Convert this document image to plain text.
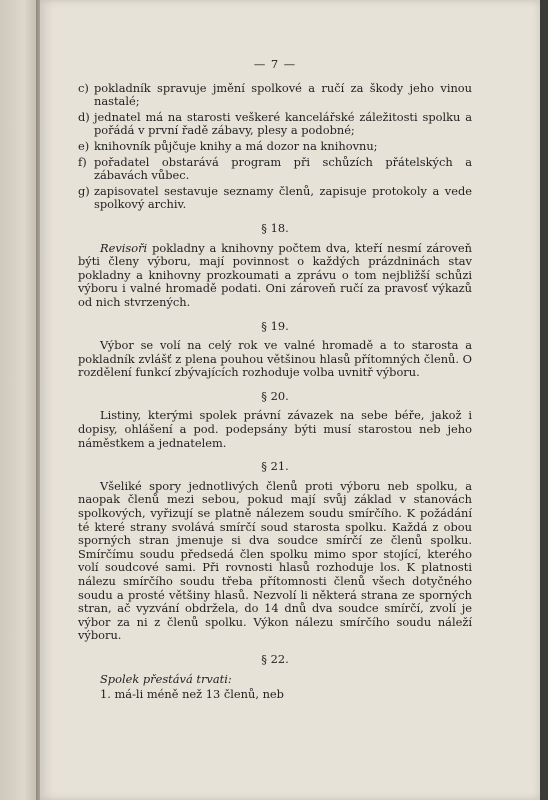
— 7 —
c) pokladník spravuje jmění spolkové a ručí za škody jeho vinou nastalé;
d) jednatel má na starosti veškeré kancelářské záležitosti spolku a pořádá v první řadě zábavy, plesy a podobné;
e) knihovník půjčuje knihy a má dozor na knihovnu;
f) pořadatel obstarává program při schůzích přátelských a zábavách vůbec.
g) zapisovatel sestavuje seznamy členů, zapisuje protokoly a vede spolkový archiv.
§ 18.

Revisoři pokladny a knihovny počtem dva, kteří nesmí zároveň býti členy výboru, mají povinnost o každých prázdninách stav pokladny a knihovny prozkoumati a zprávu o tom nejbližší schůzi výboru i valné hromadě podati. Oni zároveň ručí za pravosť výkazů od nich stvrzených.

§ 19.

Výbor se volí na celý rok ve valné hromadě a to starosta a pokladník zvlášť z plena pouhou většinou hlasů přítomných členů. O rozdělení funkcí zbývajících rozhoduje volba uvnitř výboru.

§ 20.

Listiny, kterými spolek právní závazek na sebe béře, jakož i dopisy, ohlášení a pod. podepsány býti musí starostou neb jeho náměstkem a jednatelem.

§ 21.

Všeliké spory jednotlivých členů proti výboru neb spolku, a naopak členů mezi sebou, pokud mají svůj základ v stanovách spolkových, vyřizují se platně nálezem soudu smírčího. K požádání té které strany svolává smírčí soud starosta spolku. Každá z obou sporných stran jmenuje si dva soudce smírčí ze členů spolku. Smírčímu soudu předsedá člen spolku mimo spor stojící, kterého volí soudcové sami. Při rovnosti hlasů rozhoduje los. K platnosti nálezu smírčího soudu třeba přítomnosti členů všech dotyčného soudu a prosté většiny hlasů. Nezvolí li některá strana ze sporných stran, ač vyzvání obdržela, do 14 dnů dva soudce smírčí, zvolí je výbor za ni z členů spolku. Výkon nálezu smírčího soudu náleží výboru.

§ 22.

Spolek přestává trvati:

1. má-li méně než 13 členů, neb
